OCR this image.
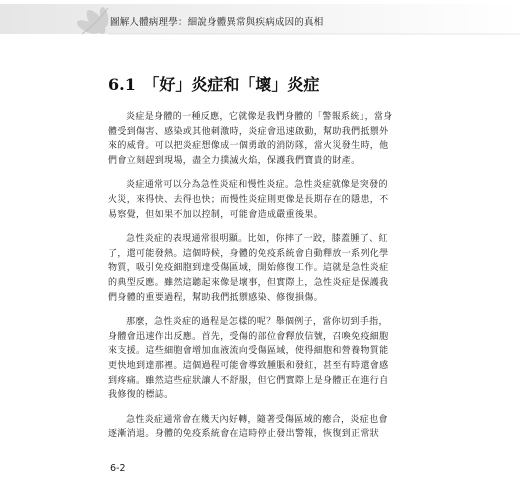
圖解人體病理學：細說身體異常與疾病成因的真相
6.1 「好」炎症和「壞」炎症
炎症是身體的一種反應，它就像是我們身體的「警報系統」，當身
體受到傷害、感染或其他刺激時，炎症會迅速啟動，幫助我們抵禦外
來的威脅。可以把炎症想像成一個勇敢的消防隊，當火災發生時，他
們會立刻趕到現場，盡全力撲滅火焰，保護我們寶貴的財產。
炎症通常可以分為急性炎症和慢性炎症。急性炎症就像是突發的
火災，來得快、去得也快；而慢性炎症則更像是長期存在的隱患，不
易察覺，但如果不加以控制，可能會造成嚴重後果。
急性炎症的表現通常很明顯。比如，你摔了一跤，膝蓋腫了、紅
了，還可能發熱。這個時候，身體的免疫系統會自動釋放一系列化學
物質，吸引免疫細胞到達受傷區域，開始修復工作。這就是急性炎症
的典型反應。雖然這聽起來像是壞事，但實際上，急性炎症是保護我
們身體的重要過程，幫助我們抵禦感染、修復損傷。
那麼，急性炎症的過程是怎樣的呢？舉個例子，當你切到手指，
身體會迅速作出反應。首先，受傷的部位會釋放信號，召喚免疫細胞
來支援。這些細胞會增加血液流向受傷區域，使得細胞和營養物質能
更快地到達那裡。這個過程可能會導致腫脹和發紅，甚至有時還會感
到疼痛。雖然這些症狀讓人不舒服，但它們實際上是身體正在進行自
我修復的標誌。
急性炎症通常會在幾天內好轉，隨著受傷區域的癒合，炎症也會
逐漸消退。身體的免疫系統會在這時停止發出警報，恢復到正常狀
6-2
